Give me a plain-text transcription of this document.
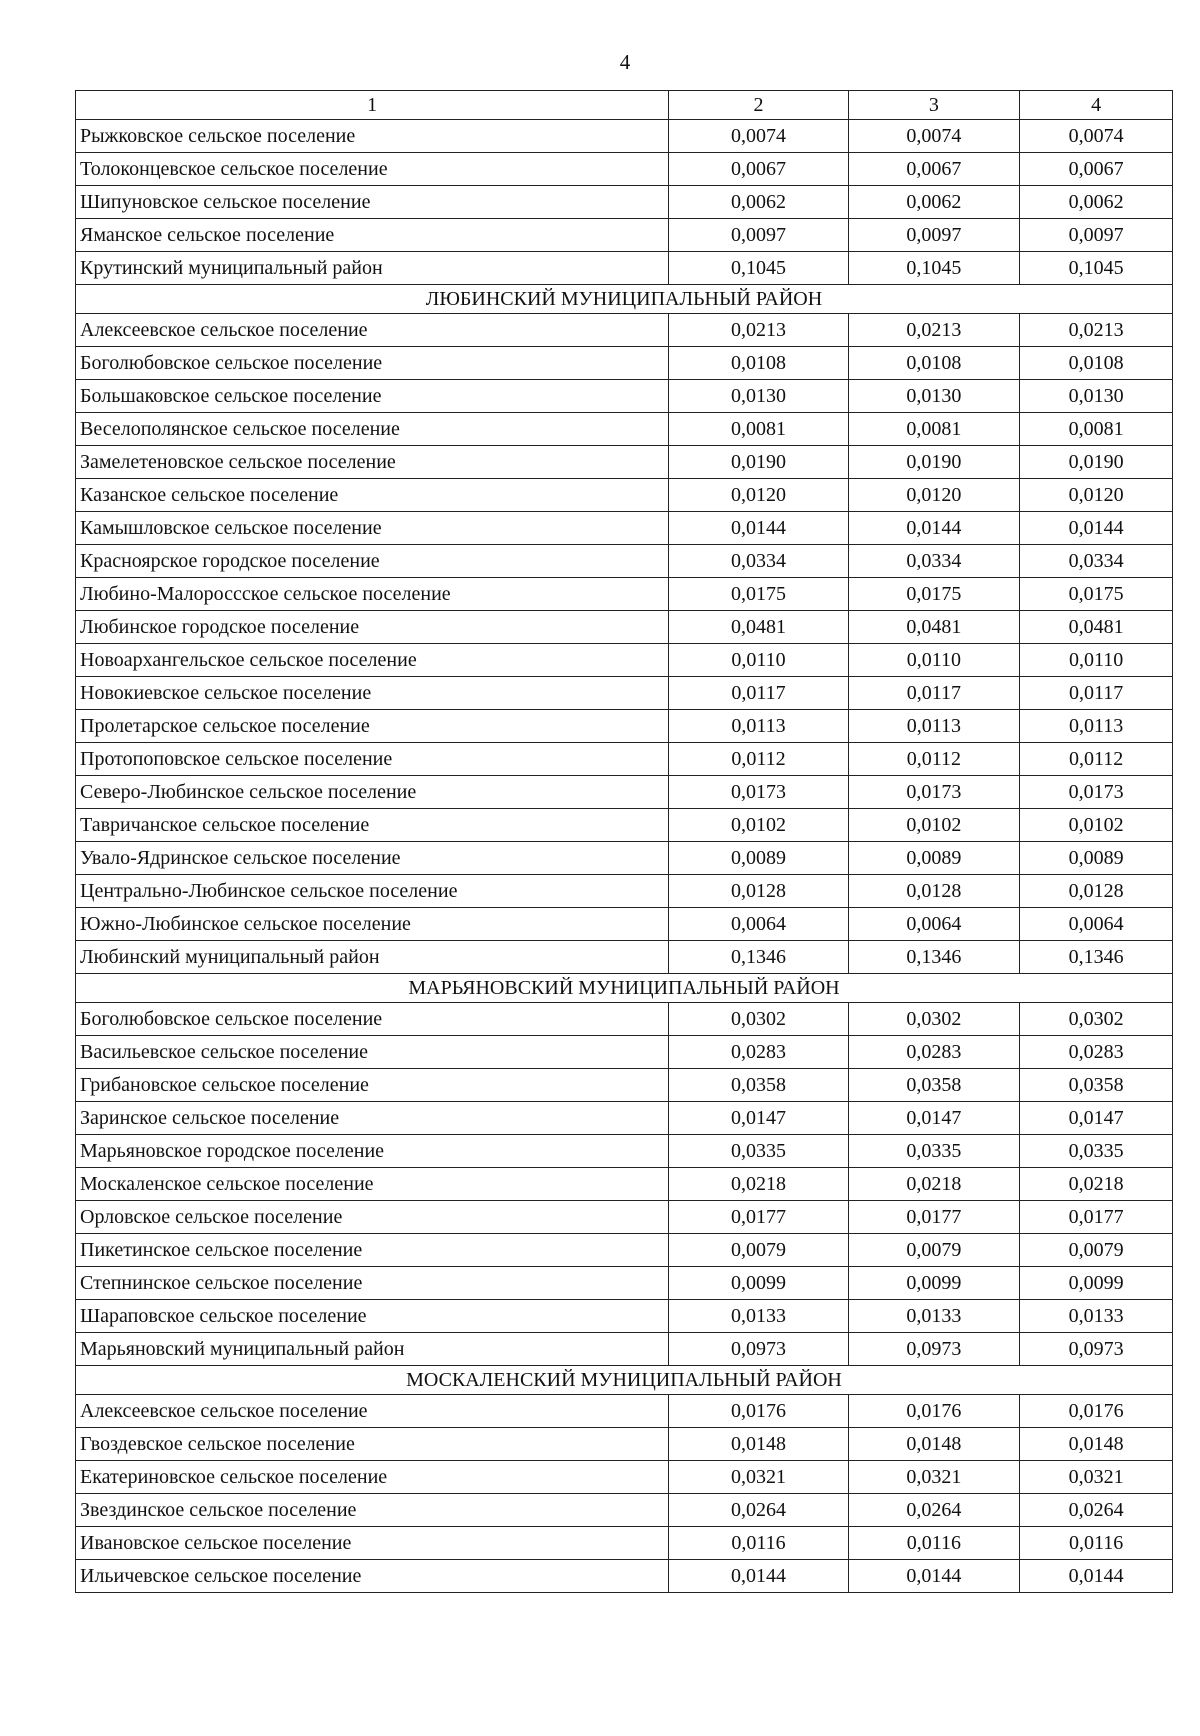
4
1	2	3	4
Рыжковское сельское поселение	0,0074	0,0074	0,0074
Толоконцевское сельское поселение	0,0067	0,0067	0,0067
Шипуновское сельское поселение	0,0062	0,0062	0,0062
Яманское сельское поселение	0,0097	0,0097	0,0097
Крутинский муниципальный район	0,1045	0,1045	0,1045
ЛЮБИНСКИЙ МУНИЦИПАЛЬНЫЙ РАЙОН			
Алексеевское сельское поселение	0,0213	0,0213	0,0213
Боголюбовское сельское поселение	0,0108	0,0108	0,0108
Большаковское сельское поселение	0,0130	0,0130	0,0130
Веселополянское сельское поселение	0,0081	0,0081	0,0081
Замелетеновское сельское поселение	0,0190	0,0190	0,0190
Казанское сельское поселение	0,0120	0,0120	0,0120
Камышловское сельское поселение	0,0144	0,0144	0,0144
Красноярское городское поселение	0,0334	0,0334	0,0334
Любино-Малороссское сельское поселение	0,0175	0,0175	0,0175
Любинское городское поселение	0,0481	0,0481	0,0481
Новоархангельское сельское поселение	0,0110	0,0110	0,0110
Новокиевское сельское поселение	0,0117	0,0117	0,0117
Пролетарское сельское поселение	0,0113	0,0113	0,0113
Протопоповское сельское поселение	0,0112	0,0112	0,0112
Северо-Любинское сельское поселение	0,0173	0,0173	0,0173
Тавричанское сельское поселение	0,0102	0,0102	0,0102
Увало-Ядринское сельское поселение	0,0089	0,0089	0,0089
Центрально-Любинское сельское поселение	0,0128	0,0128	0,0128
Южно-Любинское сельское поселение	0,0064	0,0064	0,0064
Любинский муниципальный район	0,1346	0,1346	0,1346
МАРЬЯНОВСКИЙ МУНИЦИПАЛЬНЫЙ РАЙОН			
Боголюбовское сельское поселение	0,0302	0,0302	0,0302
Васильевское сельское поселение	0,0283	0,0283	0,0283
Грибановское сельское поселение	0,0358	0,0358	0,0358
Заринское сельское поселение	0,0147	0,0147	0,0147
Марьяновское городское поселение	0,0335	0,0335	0,0335
Москаленское сельское поселение	0,0218	0,0218	0,0218
Орловское сельское поселение	0,0177	0,0177	0,0177
Пикетинское сельское поселение	0,0079	0,0079	0,0079
Степнинское сельское поселение	0,0099	0,0099	0,0099
Шараповское сельское поселение	0,0133	0,0133	0,0133
Марьяновский муниципальный район	0,0973	0,0973	0,0973
МОСКАЛЕНСКИЙ МУНИЦИПАЛЬНЫЙ РАЙОН			
Алексеевское сельское поселение	0,0176	0,0176	0,0176
Гвоздевское сельское поселение	0,0148	0,0148	0,0148
Екатериновское сельское поселение	0,0321	0,0321	0,0321
Звездинское сельское поселение	0,0264	0,0264	0,0264
Ивановское сельское поселение	0,0116	0,0116	0,0116
Ильичевское сельское поселение	0,0144	0,0144	0,0144
